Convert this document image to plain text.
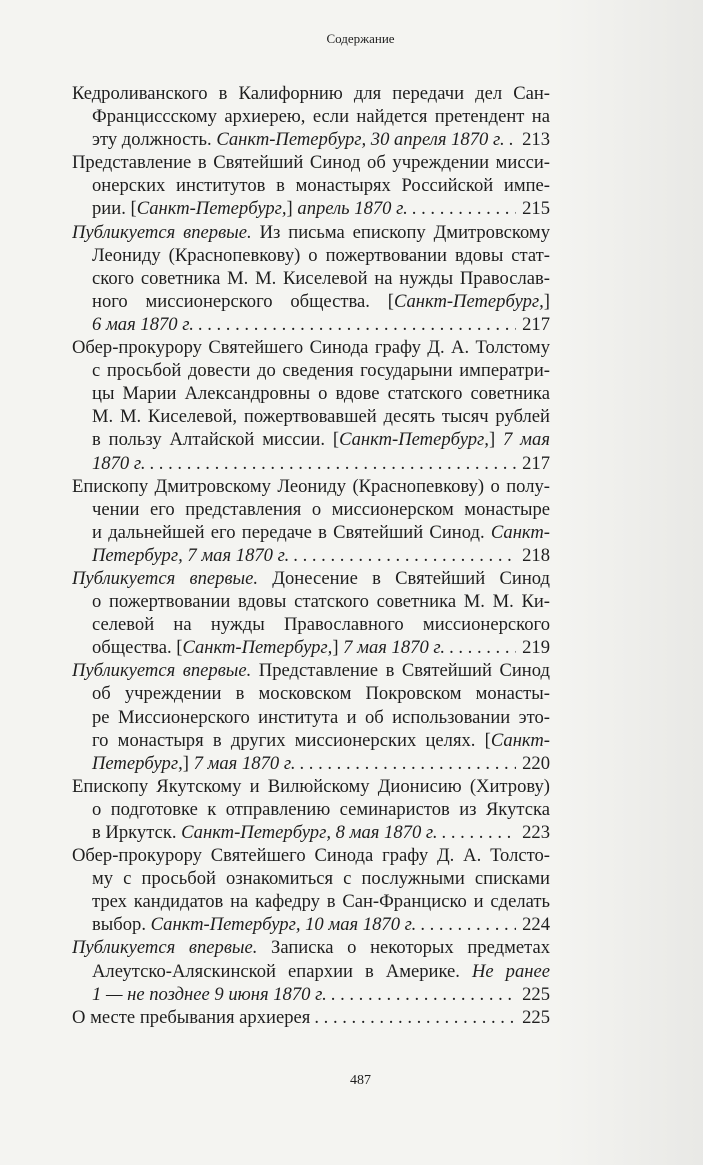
Содержание
Кедроливанского в Калифорнию для передачи дел Сан-
Франциccскому архиерею, если найдется претендент на
эту должность. Санкт-Петербург, 30 апреля 1870 г. . . . 213
Представление в Святейший Синод об учреждении миcси-
онерских институтов в монастырях Российской импе-
рии. [Санкт-Петербург,] апрель 1870 г. . . .	215
Публикуется впервые. Из письма епископу Дмитровскому
Леониду (Краснопевкову) о пожертвовании вдовы стат-
ского советника М. М. Киселевой на нужды Православ-
ного миссионерского общества. [Санкт-Петербург,]
6 мая 1870 г. . . .	217
Обер-прокурору Святейшего Синода графу Д. А. Толстому
с просьбой довести до сведения государыни императри-
цы Марии Александровны о вдове статского советника
М. М. Киселевой, пожертвовавшей десять тысяч рублей
в пользу Алтайской миссии. [Санкт-Петербург,] 7 мая
1870 г. . . .	217
Епископу Дмитровскому Леониду (Краснопевкову) о полу-
чении его представления о миссионерском монастыре
и дальнейшей его передаче в Святейший Синод. Санкт-
Петербург, 7 мая 1870 г. . . .	218
Публикуется впервые. Донесение в Святейший Синод
о пожертвовании вдовы статского советника М. М. Ки-
селевой на нужды Православного миссионерского
общества. [Санкт-Петербург,] 7 мая 1870 г. . . .	219
Публикуется впервые. Представление в Святейший Синод
об учреждении в московском Покровском монасты-
ре Миссионерского института и об использовании это-
го монастыря в других миссионерских целях. [Санкт-
Петербург,] 7 мая 1870 г. . . .	220
Епископу Якутскому и Вилюйскому Дионисию (Хитрову)
о подготовке к отправлению семинаристов из Якутска
в Иркутск. Санкт-Петербург, 8 мая 1870 г. . . .	223
Обер-прокурору Святейшего Синода графу Д. А. Толсто-
му с просьбой ознакомиться с послужными списками
трех кандидатов на кафедру в Сан-Франциско и сделать
выбор. Санкт-Петербург, 10 мая 1870 г. . . .	224
Публикуется впервые. Записка о некоторых предметах
Алеутско-Аляскинской епархии в Америке. Не ранее
1 — не позднее 9 июня 1870 г. . . .	225
О месте пребывания архиерея . . .	225
487
